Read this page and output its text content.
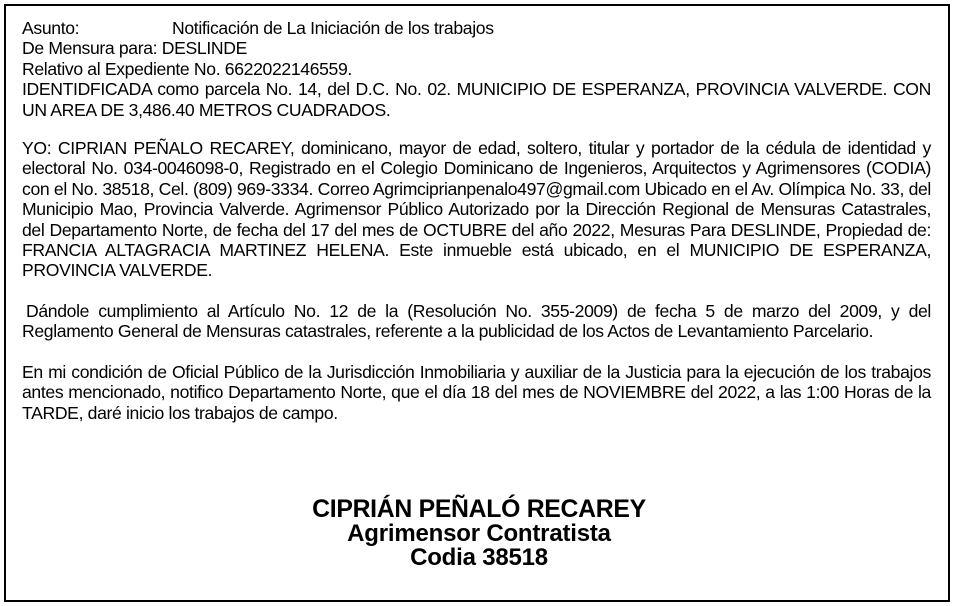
Asunto:	Notificación de La Iniciación de los trabajos
De Mensura para: DESLINDE
Relativo al Expediente No. 6622022146559.
IDENTIDFICADA como parcela No. 14, del D.C. No. 02. MUNICIPIO DE ESPERANZA, PROVINCIA VALVERDE. CON UN AREA DE 3,486.40 METROS CUADRADOS.
YO: CIPRIAN PEÑALO RECAREY, dominicano, mayor de edad, soltero, titular y portador de la cédula de identidad y electoral No. 034-0046098-0, Registrado en el Colegio Dominicano de Ingenieros, Arquitectos y Agrimensores (CODIA) con el No. 38518, Cel. (809) 969-3334. Correo Agrimciprianpenalo497@gmail.com Ubicado en el Av. Olímpica No. 33, del Municipio Mao, Provincia Valverde. Agrimensor Público Autorizado por la Dirección Regional de Mensuras Catastrales, del Departamento Norte, de fecha del 17 del mes de OCTUBRE del año 2022, Mesuras Para DESLINDE, Propiedad de: FRANCIA ALTAGRACIA MARTINEZ HELENA. Este inmueble está ubicado, en el MUNICIPIO DE ESPERANZA, PROVINCIA VALVERDE.
Dándole cumplimiento al Artículo No. 12 de la (Resolución No. 355-2009) de fecha 5 de marzo del 2009, y del Reglamento General de Mensuras catastrales, referente a la publicidad de los Actos de Levantamiento Parcelario.
En mi condición de Oficial Público de la Jurisdicción Inmobiliaria y auxiliar de la Justicia para la ejecución de los trabajos antes mencionado, notifico Departamento Norte, que el día 18 del mes de NOVIEMBRE del 2022, a las 1:00 Horas de la TARDE, daré inicio los trabajos de campo.
CIPRIÁN PEÑALÓ RECAREY
Agrimensor Contratista
Codia 38518
